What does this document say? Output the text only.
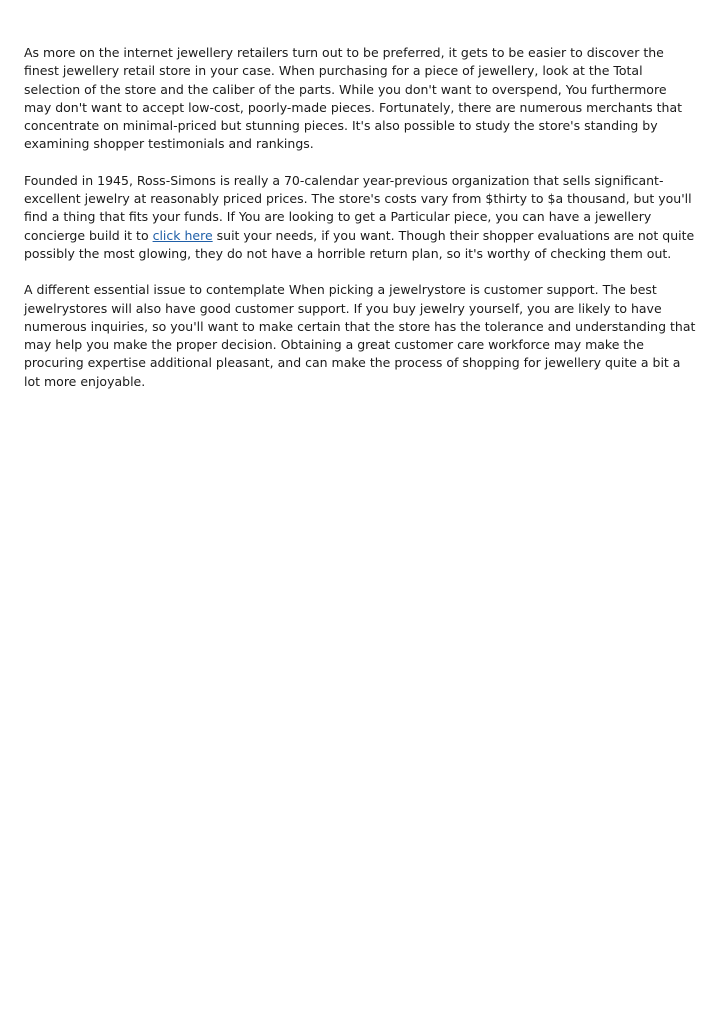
As more on the internet jewellery retailers turn out to be preferred, it gets to be easier to discover the finest jewellery retail store in your case. When purchasing for a piece of jewellery, look at the Total selection of the store and the caliber of the parts. While you don't want to overspend, You furthermore may don't want to accept low-cost, poorly-made pieces. Fortunately, there are numerous merchants that concentrate on minimal-priced but stunning pieces. It's also possible to study the store's standing by examining shopper testimonials and rankings.

Founded in 1945, Ross-Simons is really a 70-calendar year-previous organization that sells significant-excellent jewelry at reasonably priced prices. The store's costs vary from $thirty to $a thousand, but you'll find a thing that fits your funds. If You are looking to get a Particular piece, you can have a jewellery concierge build it to click here suit your needs, if you want. Though their shopper evaluations are not quite possibly the most glowing, they do not have a horrible return plan, so it's worthy of checking them out.

A different essential issue to contemplate When picking a jewelrystore is customer support. The best jewelrystores will also have good customer support. If you buy jewelry yourself, you are likely to have numerous inquiries, so you'll want to make certain that the store has the tolerance and understanding that may help you make the proper decision. Obtaining a great customer care workforce may make the procuring expertise additional pleasant, and can make the process of shopping for jewellery quite a bit a lot more enjoyable.
